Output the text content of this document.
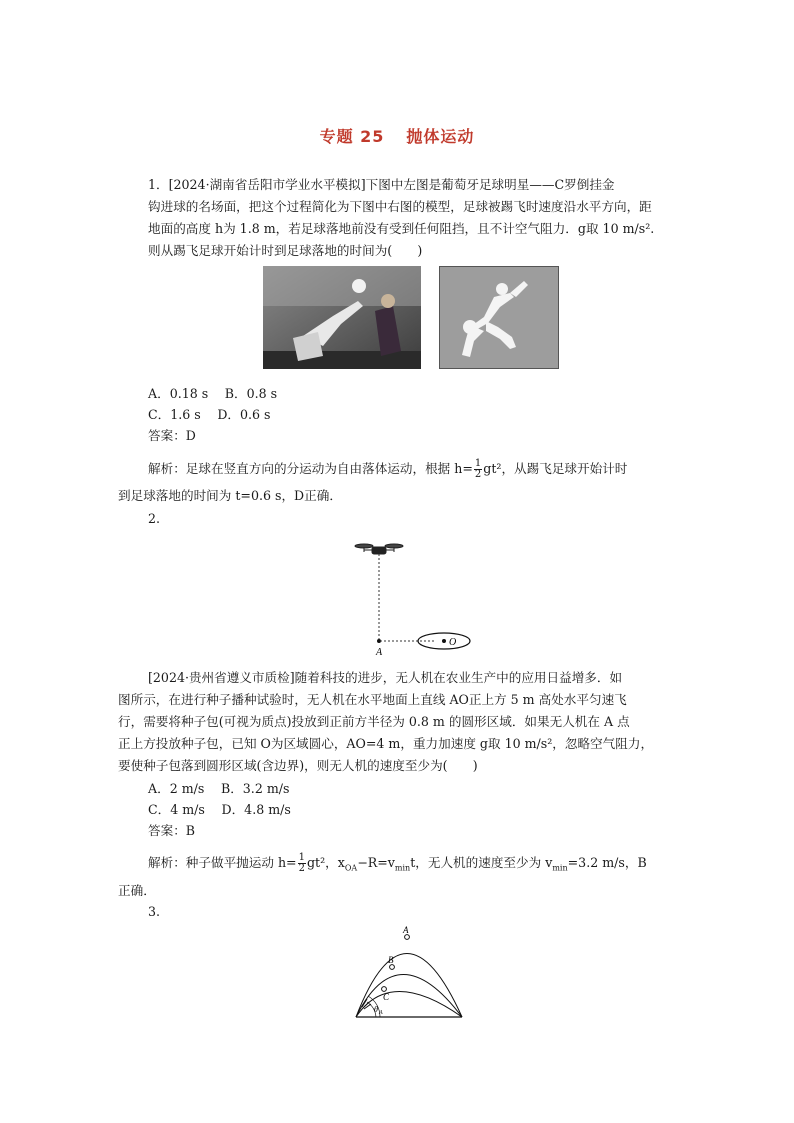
专题 25 抛体运动
1．[2024·湖南省岳阳市学业水平模拟]下图中左图是葡萄牙足球明星——C罗倒挂金
钩进球的名场面，把这个过程简化为下图中右图的模型，足球被踢飞时速度沿水平方向，距
地面的高度 h为 1.8 m，若足球落地前没有受到任何阻挡，且不计空气阻力．g取 10 m/s².
则从踢飞足球开始计时到足球落地的时间为(　　)
A．0.18 s　 B．0.8 s
C．1.6 s　 D．0.6 s
答案：D
解析：足球在竖直方向的分运动为自由落体运动，根据 $h= \frac{1}{2} gt^2$，从踢飞足球开始计时
到足球落地的时间为 t=0.6 s，D正确．
2.
A
O
[2024·贵州省遵义市质检]随着科技的进步，无人机在农业生产中的应用日益增多．如
图所示，在进行种子播种试验时，无人机在水平地面上直线 AO正上方 5 m 高处水平匀速飞
行，需要将种子包(可视为质点)投放到正前方半径为 0.8 m 的圆形区域．如果无人机在 A 点
正上方投放种子包，已知 O为区域圆心，AO=4 m，重力加速度 g取 10 m/s²，忽略空气阻力，
要使种子包落到圆形区域(含边界)，则无人机的速度至少为(　　)
A．2 m/s　 B．3.2 m/s
C．4 m/s　 D．4.8 m/s
答案：B
解析：种子做平抛运动 $h= \frac{1}{2} gt^2$，$x_{OA}-R=v_{min}t$，无人机的速度至少为 $v_{min}=3.2$ m/s，B
正确．
3.
A
B
C
θ A
